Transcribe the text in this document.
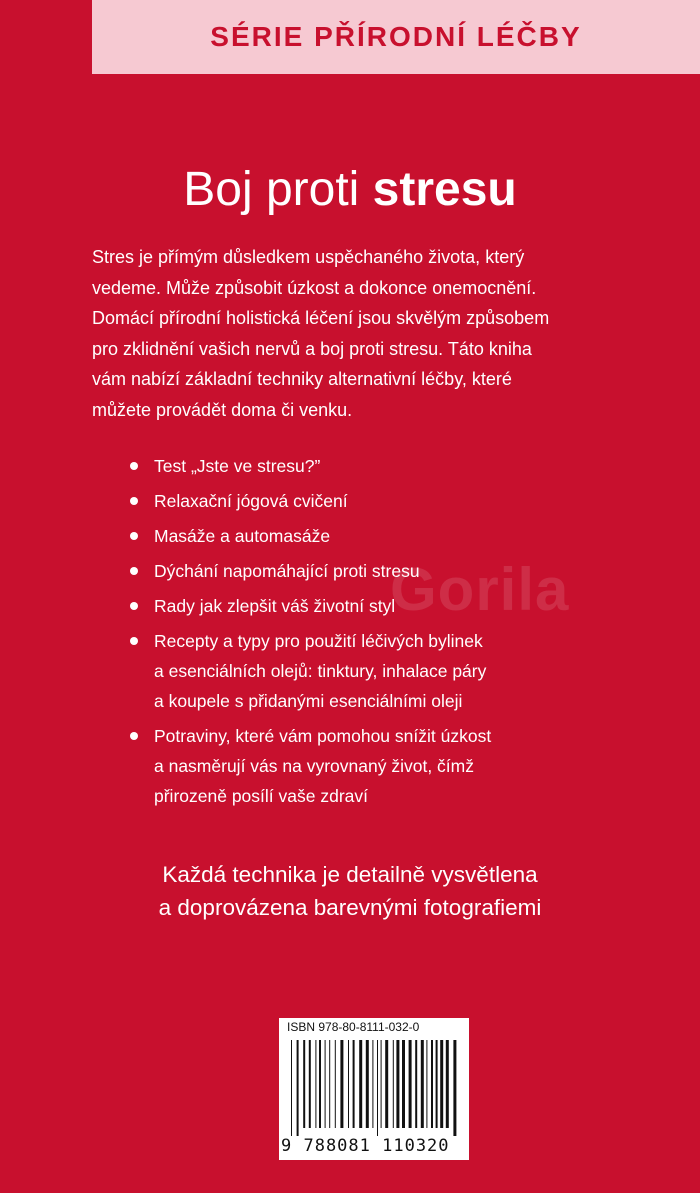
SÉRIE PŘÍRODNÍ LÉČBY
Boj proti stresu

Stres je přímým důsledkem uspěchaného života, který

vedeme. Může způsobit úzkost a dokonce onemocnění.

Domácí přírodní holistická léčení jsou skvělým způsobem

pro zklidnění vašich nervů a boj proti stresu. Táto kniha

vám nabízí základní techniky alternativní léčby, které

můžete provádět doma či venku.

Gorila
Test „Jste ve stresu?”
Relaxační jógová cvičení
Masáže a automasáže
Dýchání napomáhající proti stresu
Rady jak zlepšit váš životní styl
Recepty a typy pro použití léčivých bylinek
a esenciálních olejů: tinktury, inhalace páry
a koupele s přidanými esenciálními oleji
Potraviny, které vám pomohou snížit úzkost
a nasměrují vás na vyrovnaný život, čímž
přirozeně posílí vaše zdraví
Každá technika je detailně vysvětlena
a doprovázena barevnými fotografiemi
ISBN 978-80-8111-032-0
9 788081 110320
